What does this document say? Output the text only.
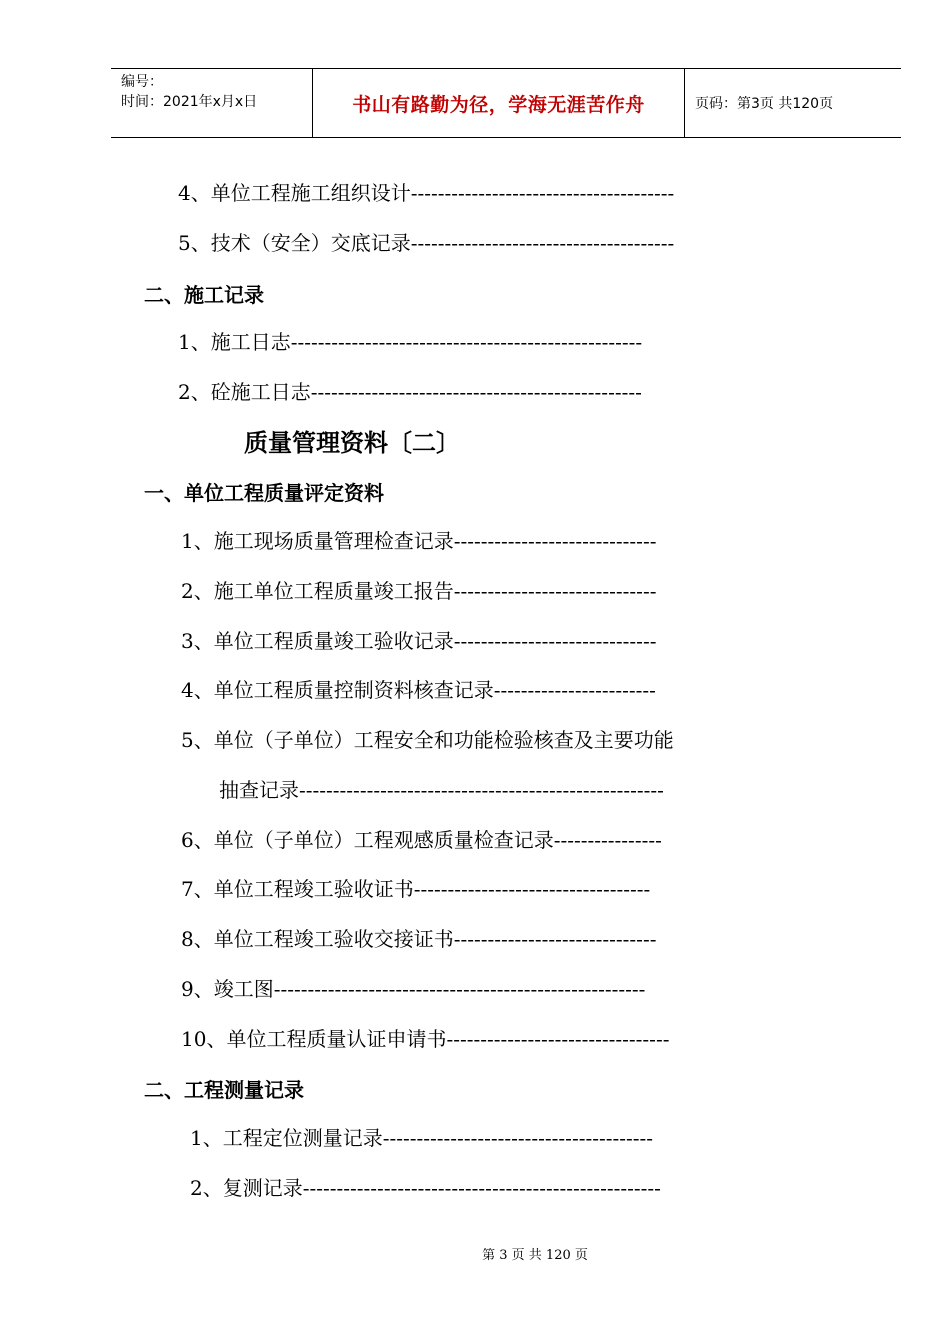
编号：
时间：2021年x月x日	书山有路勤为径，学海无涯苦作舟	页码：第3页 共120页
4、单位工程施工组织设计---------------------------------------
5、技术（安全）交底记录---------------------------------------
二、施工记录
1、施工日志----------------------------------------------------
2、砼施工日志-------------------------------------------------
质量管理资料〔二〕
一、单位工程质量评定资料
1、施工现场质量管理检查记录------------------------------
2、施工单位工程质量竣工报告------------------------------
3、单位工程质量竣工验收记录------------------------------
4、单位工程质量控制资料核查记录------------------------
5、单位（子单位）工程安全和功能检验核查及主要功能
抽查记录------------------------------------------------------
6、单位（子单位）工程观感质量检查记录----------------
7、单位工程竣工验收证书-----------------------------------
8、单位工程竣工验收交接证书------------------------------
9、竣工图-------------------------------------------------------
10、单位工程质量认证申请书---------------------------------
二、工程测量记录
1、工程定位测量记录----------------------------------------
2、复测记录-----------------------------------------------------
第 3 页 共 120 页
